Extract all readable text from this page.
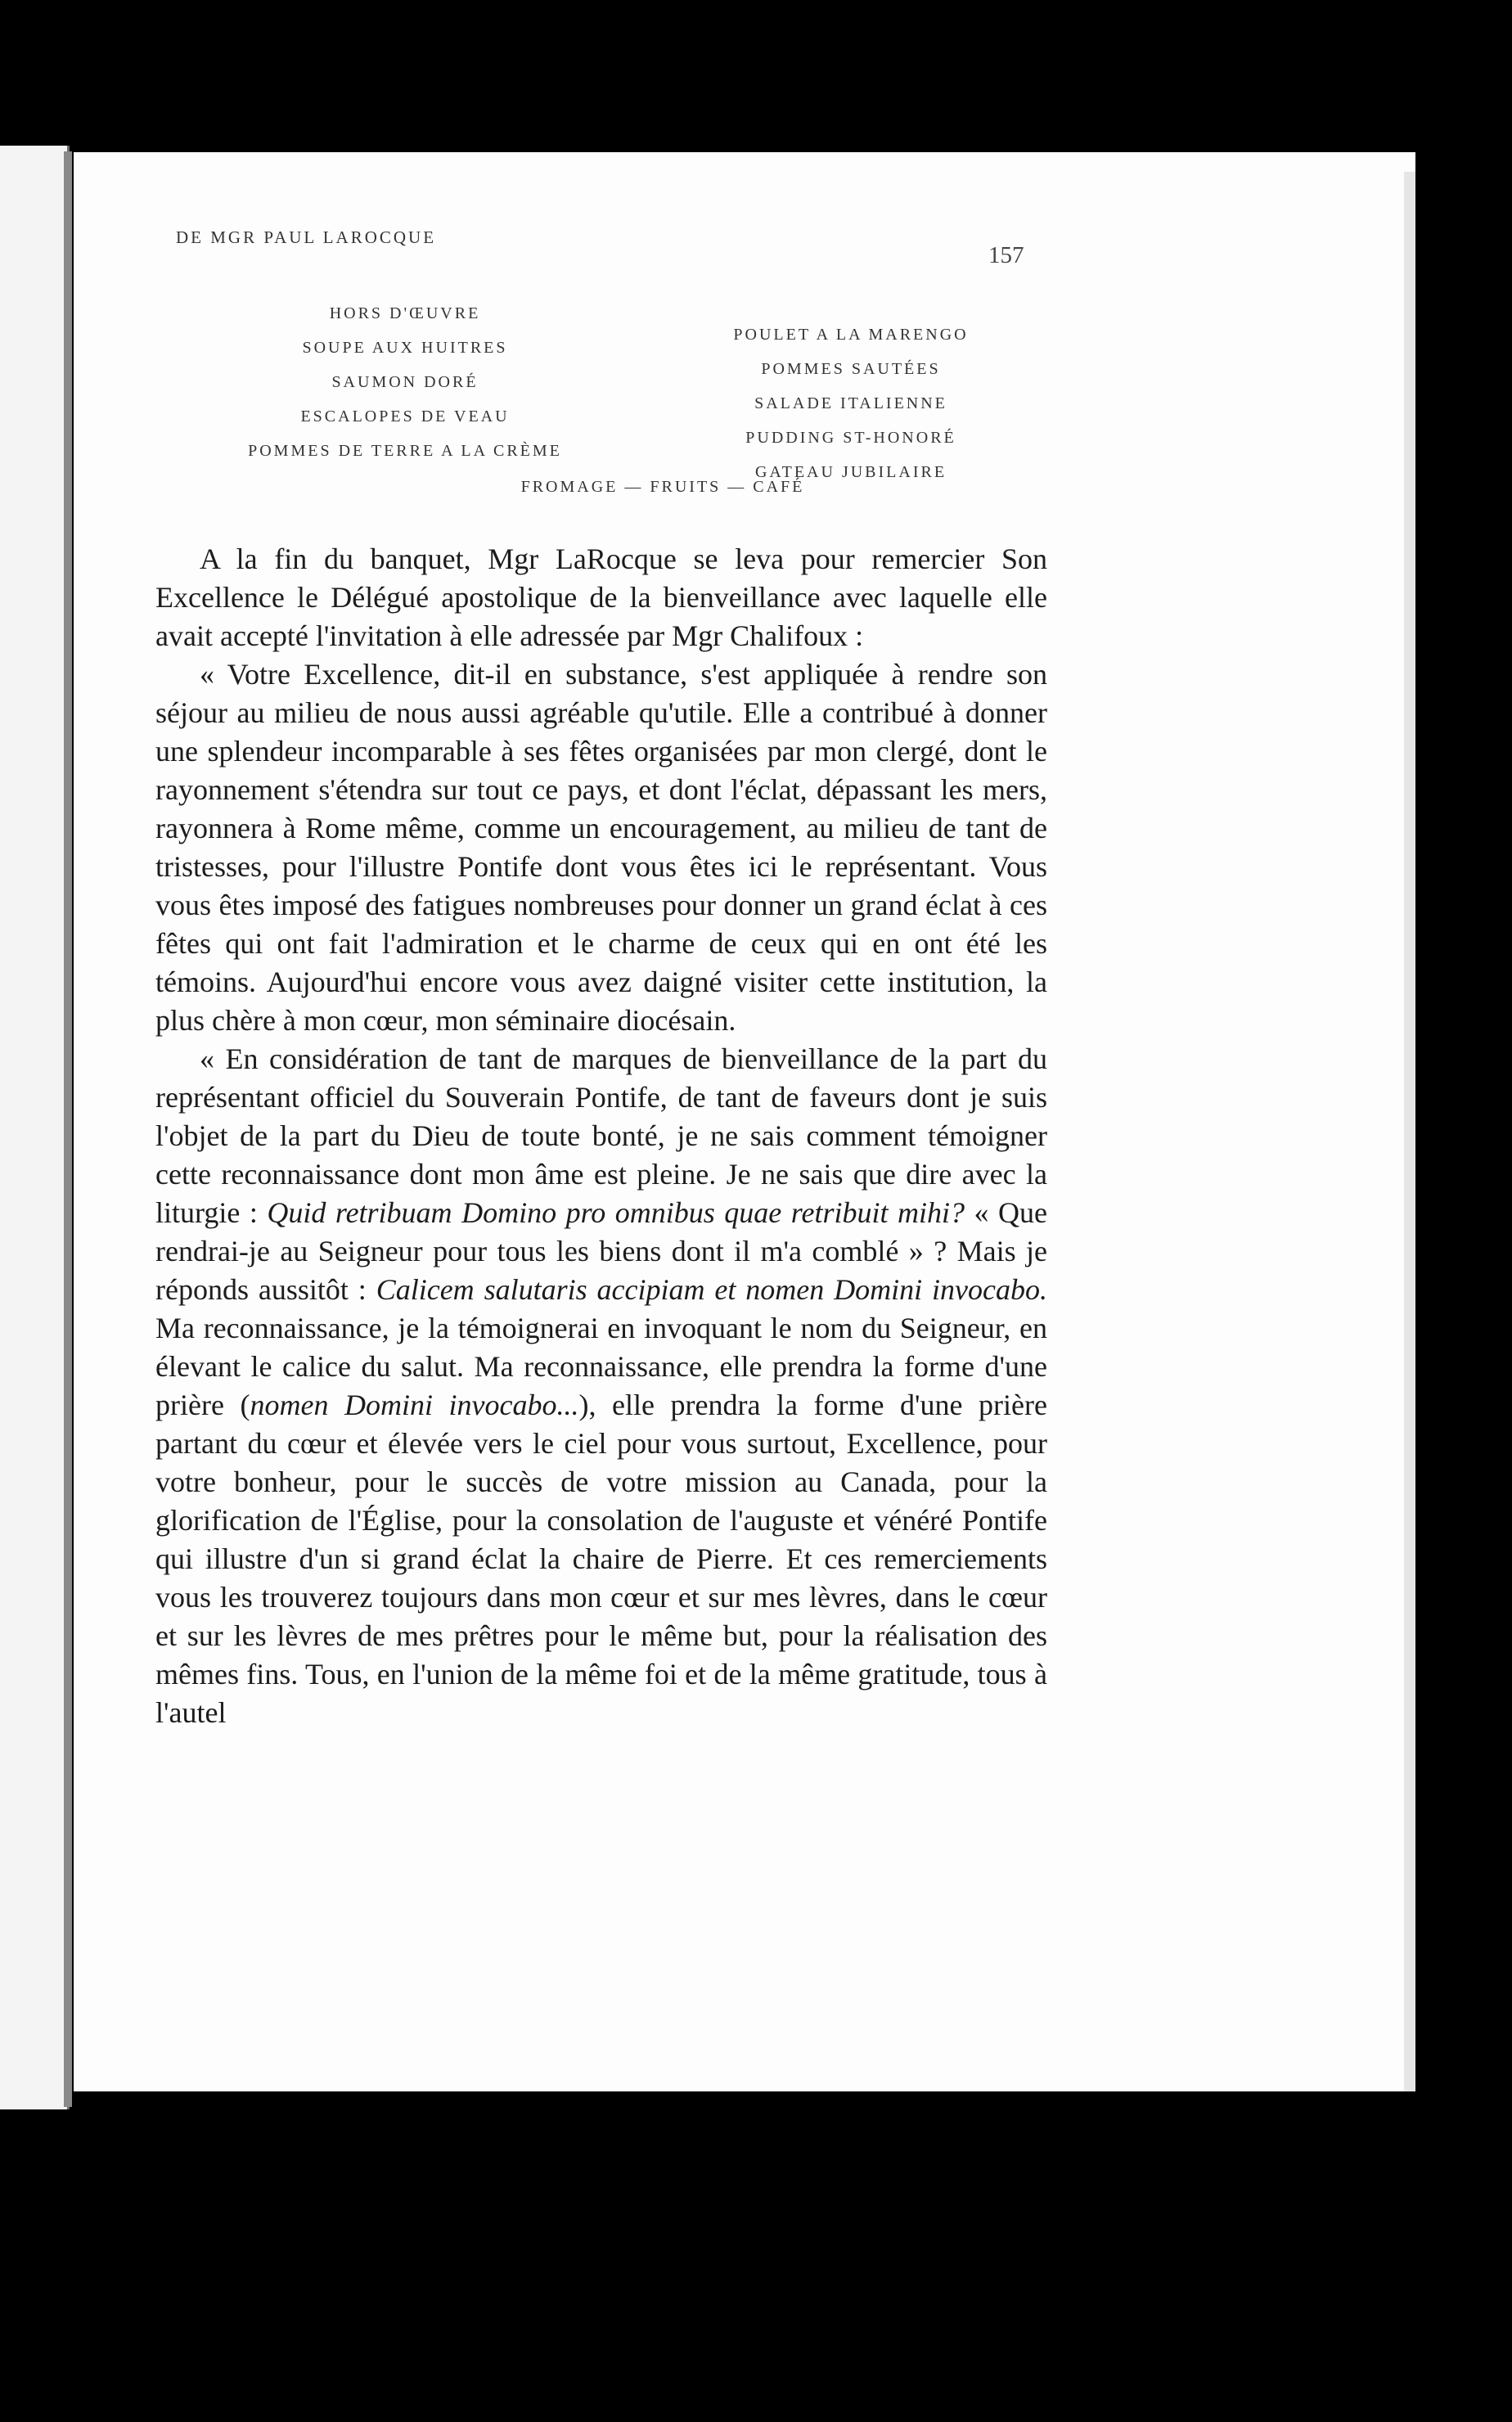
DE MGR PAUL LAROCQUE
157
HORS D'ŒUVRE
SOUPE AUX HUITRES
SAUMON DORÉ
ESCALOPES DE VEAU
POMMES DE TERRE A LA CRÈME
POULET A LA MARENGO
POMMES SAUTÉES
SALADE ITALIENNE
PUDDING ST-HONORÉ
GATEAU JUBILAIRE
FROMAGE — FRUITS — CAFÉ

A la fin du banquet, Mgr LaRocque se leva pour remercier Son Excellence le Délégué apostolique de la bienveillance avec laquelle elle avait accepté l'invitation à elle adressée par Mgr Chalifoux :

« Votre Excellence, dit-il en substance, s'est appliquée à rendre son séjour au milieu de nous aussi agréable qu'utile. Elle a contribué à donner une splendeur incomparable à ses fêtes organisées par mon clergé, dont le rayonnement s'étendra sur tout ce pays, et dont l'éclat, dépassant les mers, rayonnera à Rome même, comme un encouragement, au milieu de tant de tristesses, pour l'illustre Pontife dont vous êtes ici le représentant. Vous vous êtes imposé des fatigues nombreuses pour donner un grand éclat à ces fêtes qui ont fait l'admiration et le charme de ceux qui en ont été les témoins. Aujourd'hui encore vous avez daigné visiter cette institution, la plus chère à mon cœur, mon séminaire diocésain.

« En considération de tant de marques de bienveillance de la part du représentant officiel du Souverain Pontife, de tant de faveurs dont je suis l'objet de la part du Dieu de toute bonté, je ne sais comment témoigner cette reconnaissance dont mon âme est pleine. Je ne sais que dire avec la liturgie : Quid retribuam Domino pro omnibus quae retribuit mihi? « Que rendrai-je au Seigneur pour tous les biens dont il m'a comblé » ? Mais je réponds aussitôt : Calicem salutaris accipiam et nomen Domini invocabo. Ma reconnaissance, je la témoignerai en invoquant le nom du Seigneur, en élevant le calice du salut. Ma reconnaissance, elle prendra la forme d'une prière (nomen Domini invocabo...), elle prendra la forme d'une prière partant du cœur et élevée vers le ciel pour vous surtout, Excellence, pour votre bonheur, pour le succès de votre mission au Canada, pour la glorification de l'Église, pour la consolation de l'auguste et vénéré Pontife qui illustre d'un si grand éclat la chaire de Pierre. Et ces remerciements vous les trouverez toujours dans mon cœur et sur mes lèvres, dans le cœur et sur les lèvres de mes prêtres pour le même but, pour la réalisation des mêmes fins. Tous, en l'union de la même foi et de la même gratitude, tous à l'autel
